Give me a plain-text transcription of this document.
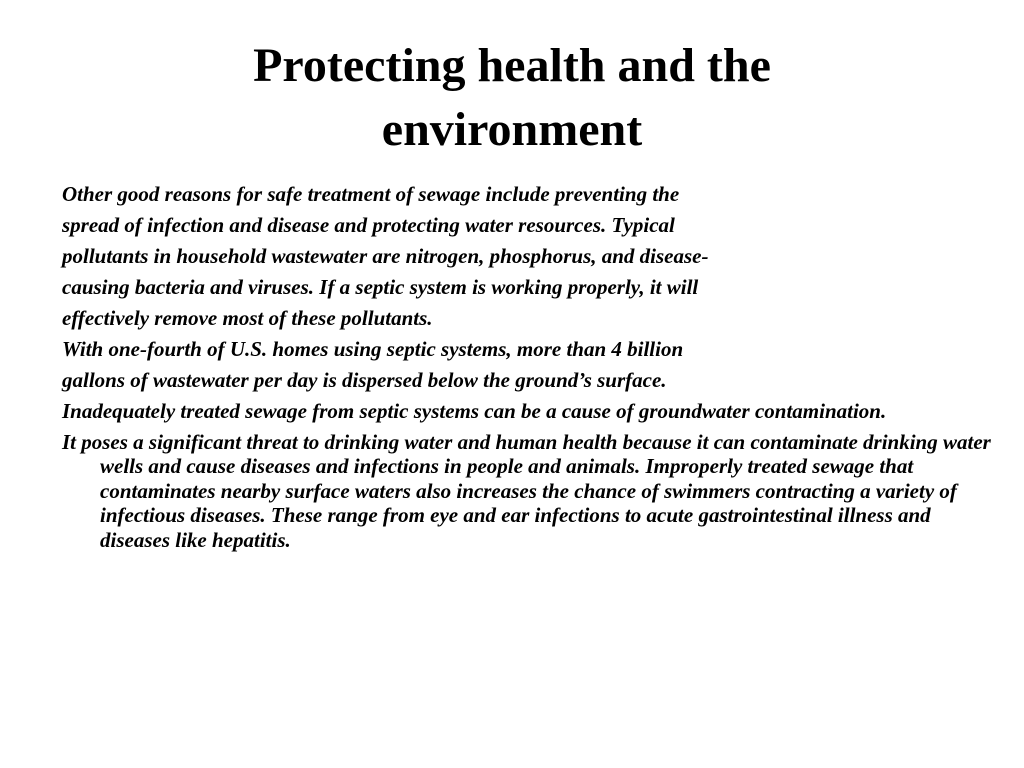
Protecting health and the
environment

Other good reasons for safe treatment of sewage include preventing the

spread of infection and disease and protecting water resources. Typical

pollutants in household wastewater are nitrogen, phosphorus, and disease-

causing bacteria and viruses. If a septic system is working properly, it will

effectively remove most of these pollutants.

With one-fourth of U.S. homes using septic systems, more than 4 billion

gallons of wastewater per day is dispersed below the ground’s surface.

Inadequately treated sewage from septic systems can be a cause of groundwater contamination.

It poses a significant threat to drinking water and human health because it can contaminate drinking water wells and cause diseases and infections in people and animals. Improperly treated sewage that contaminates nearby surface waters also increases the chance of swimmers contracting a variety of infectious diseases. These range from eye and ear infections to acute gastrointestinal illness and diseases like hepatitis.
